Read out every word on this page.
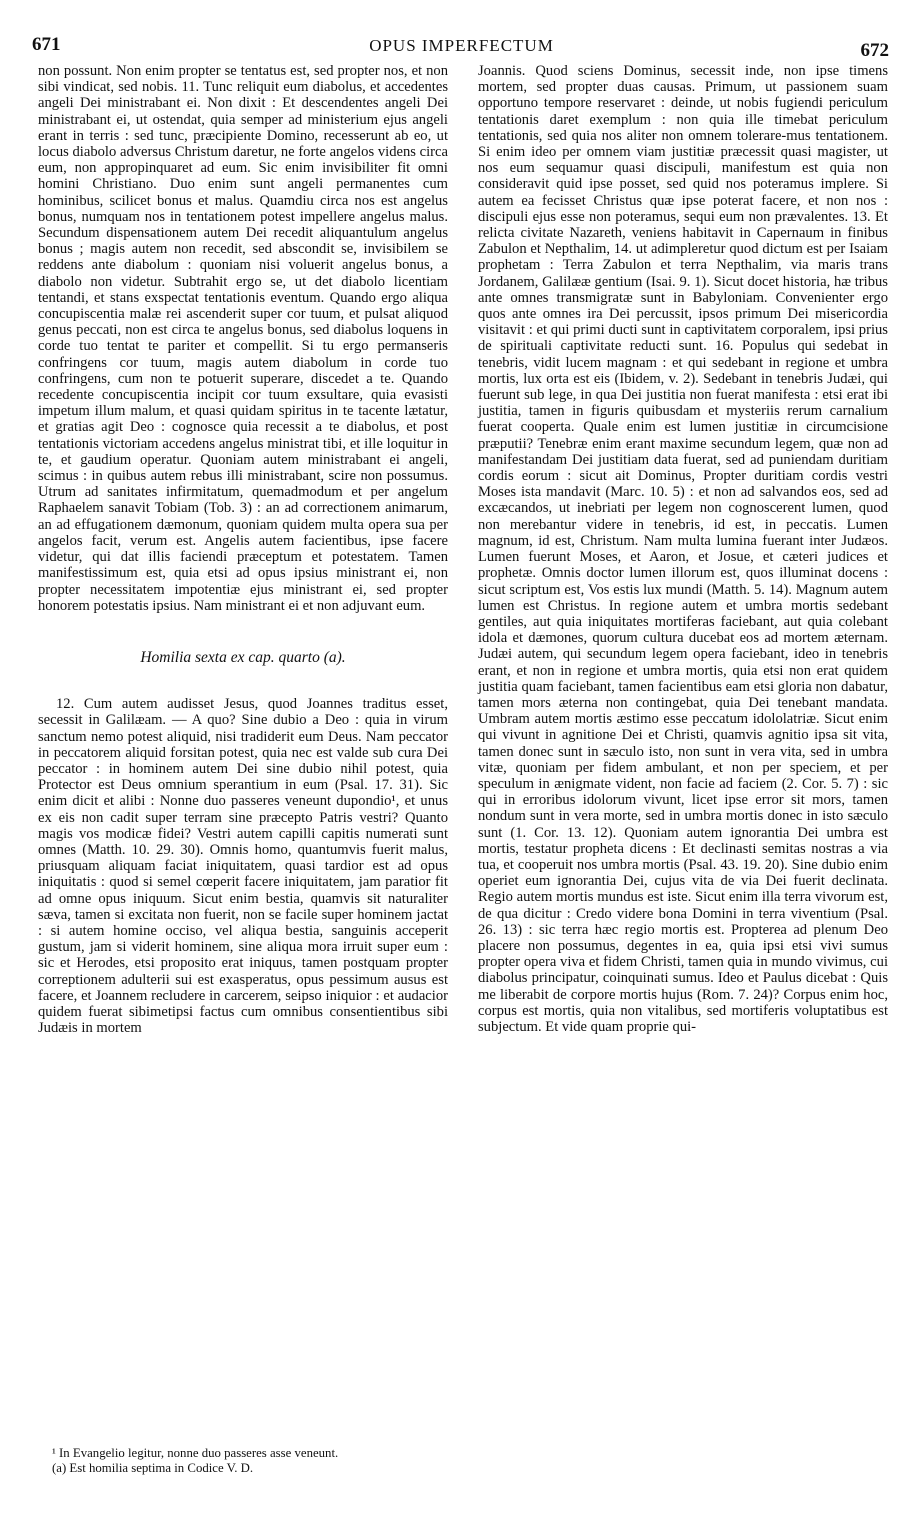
671	OPUS IMPERFECTUM	672

non possunt. Non enim propter se tentatus est, sed propter nos, et non sibi vindicat, sed nobis. 11. Tunc reliquit eum diabolus, et accedentes angeli Dei ministrabant ei. Non dixit : Et descendentes angeli Dei ministrabant ei, ut ostendat, quia semper ad ministerium ejus angeli erant in terris : sed tunc, præcipiente Domino, recesserunt ab eo, ut locus diabolo adversus Christum daretur, ne forte angelos videns circa eum, non appropinquaret ad eum. Sic enim invisibiliter fit omni homini Christiano. Duo enim sunt angeli permanentes cum hominibus, scilicet bonus et malus. Quamdiu circa nos est angelus bonus, numquam nos in tentationem potest impellere angelus malus. Secundum dispensationem autem Dei recedit aliquantulum angelus bonus ; magis autem non recedit, sed abscondit se, invisibilem se reddens ante diabolum : quoniam nisi voluerit angelus bonus, a diabolo non videtur. Subtrahit ergo se, ut det diabolo licentiam tentandi, et stans exspectat tentationis eventum. Quando ergo aliqua concupiscentia malæ rei ascenderit super cor tuum, et pulsat aliquod genus peccati, non est circa te angelus bonus, sed diabolus loquens in corde tuo tentat te pariter et compellit. Si tu ergo permanseris confringens cor tuum, magis autem diabolum in corde tuo confringens, cum non te potuerit superare, discedet a te. Quando recedente concupiscentia incipit cor tuum exsultare, quia evasisti impetum illum malum, et quasi quidam spiritus in te tacente lætatur, et gratias agit Deo : cognosce quia recessit a te diabolus, et post tentationis victoriam accedens angelus ministrat tibi, et ille loquitur in te, et gaudium operatur. Quoniam autem ministrabant ei angeli, scimus : in quibus autem rebus illi ministrabant, scire non possumus. Utrum ad sanitates infirmitatum, quemadmodum et per angelum Raphaelem sanavit Tobiam (Tob. 3) : an ad correctionem animarum, an ad effugationem dæmonum, quoniam quidem multa opera sua per angelos facit, verum est. Angelis autem facientibus, ipse facere videtur, qui dat illis faciendi præceptum et potestatem. Tamen manifestissimum est, quia etsi ad opus ipsius ministrant ei, non propter necessitatem impotentiæ ejus ministrant ei, sed propter honorem potestatis ipsius. Nam ministrant ei et non adjuvant eum.

Homilia sexta ex cap. quarto (a).

12. Cum autem audisset Jesus, quod Joannes traditus esset, secessit in Galilæam. — A quo? Sine dubio a Deo : quia in virum sanctum nemo potest aliquid, nisi tradiderit eum Deus. Nam peccator in peccatorem aliquid forsitan potest, quia nec est valde sub cura Dei peccator : in hominem autem Dei sine dubio nihil potest, quia Protector est Deus omnium sperantium in eum (Psal. 17. 31). Sic enim dicit et alibi : Nonne duo passeres veneunt dupondio¹, et unus ex eis non cadit super terram sine præcepto Patris vestri? Quanto magis vos modicæ fidei? Vestri autem capilli capitis numerati sunt omnes (Matth. 10. 29. 30). Omnis homo, quantumvis fuerit malus, priusquam aliquam faciat iniquitatem, quasi tardior est ad opus iniquitatis : quod si semel cœperit facere iniquitatem, jam paratior fit ad omne opus iniquum. Sicut enim bestia, quamvis sit naturaliter sæva, tamen si excitata non fuerit, non se facile super hominem jactat : si autem homine occiso, vel aliqua bestia, sanguinis acceperit gustum, jam si viderit hominem, sine aliqua mora irruit super eum : sic et Herodes, etsi proposito erat iniquus, tamen postquam propter correptionem adulterii sui est exasperatus, opus pessimum ausus est facere, et Joannem recludere in carcerem, seipso iniquior : et audacior quidem fuerat sibimetipsi factus cum omnibus consentientibus sibi Judæis in mortem

Joannis. Quod sciens Dominus, secessit inde, non ipse timens mortem, sed propter duas causas. Primum, ut passionem suam opportuno tempore reservaret : deinde, ut nobis fugiendi periculum tentationis daret exemplum : non quia ille timebat periculum tentationis, sed quia nos aliter non omnem tolerare-mus tentationem. Si enim ideo per omnem viam justitiæ præcessit quasi magister, ut nos eum sequamur quasi discipuli, manifestum est quia non consideravit quid ipse posset, sed quid nos poteramus implere. Si autem ea fecisset Christus quæ ipse poterat facere, et non nos : discipuli ejus esse non poteramus, sequi eum non prævalentes. 13. Et relicta civitate Nazareth, veniens habitavit in Capernaum in finibus Zabulon et Nepthalim, 14. ut adimpleretur quod dictum est per Isaiam prophetam : Terra Zabulon et terra Nepthalim, via maris trans Jordanem, Galilææ gentium (Isai. 9. 1). Sicut docet historia, hæ tribus ante omnes transmigratæ sunt in Babyloniam. Convenienter ergo quos ante omnes ira Dei percussit, ipsos primum Dei misericordia visitavit : et qui primi ducti sunt in captivitatem corporalem, ipsi prius de spirituali captivitate reducti sunt. 16. Populus qui sedebat in tenebris, vidit lucem magnam : et qui sedebant in regione et umbra mortis, lux orta est eis (Ibidem, v. 2). Sedebant in tenebris Judæi, qui fuerunt sub lege, in qua Dei justitia non fuerat manifesta : etsi erat ibi justitia, tamen in figuris quibusdam et mysteriis rerum carnalium fuerat cooperta. Quale enim est lumen justitiæ in circumcisione præputii? Tenebræ enim erant maxime secundum legem, quæ non ad manifestandam Dei justitiam data fuerat, sed ad puniendam duritiam cordis eorum : sicut ait Dominus, Propter duritiam cordis vestri Moses ista mandavit (Marc. 10. 5) : et non ad salvandos eos, sed ad excæcandos, ut inebriati per legem non cognoscerent lumen, quod non merebantur videre in tenebris, id est, in peccatis. Lumen magnum, id est, Christum. Nam multa lumina fuerant inter Judæos. Lumen fuerunt Moses, et Aaron, et Josue, et cæteri judices et prophetæ. Omnis doctor lumen illorum est, quos illuminat docens : sicut scriptum est, Vos estis lux mundi (Matth. 5. 14). Magnum autem lumen est Christus. In regione autem et umbra mortis sedebant gentiles, aut quia iniquitates mortiferas faciebant, aut quia colebant idola et dæmones, quorum cultura ducebat eos ad mortem æternam. Judæi autem, qui secundum legem opera faciebant, ideo in tenebris erant, et non in regione et umbra mortis, quia etsi non erat quidem justitia quam faciebant, tamen facientibus eam etsi gloria non dabatur, tamen mors æterna non contingebat, quia Dei tenebant mandata. Umbram autem mortis æstimo esse peccatum idololatriæ. Sicut enim qui vivunt in agnitione Dei et Christi, quamvis agnitio ipsa sit vita, tamen donec sunt in sæculo isto, non sunt in vera vita, sed in umbra vitæ, quoniam per fidem ambulant, et non per speciem, et per speculum in ænigmate vident, non facie ad faciem (2. Cor. 5. 7) : sic qui in erroribus idolorum vivunt, licet ipse error sit mors, tamen nondum sunt in vera morte, sed in umbra mortis donec in isto sæculo sunt (1. Cor. 13. 12). Quoniam autem ignorantia Dei umbra est mortis, testatur propheta dicens : Et declinasti semitas nostras a via tua, et cooperuit nos umbra mortis (Psal. 43. 19. 20). Sine dubio enim operiet eum ignorantia Dei, cujus vita de via Dei fuerit declinata. Regio autem mortis mundus est iste. Sicut enim illa terra vivorum est, de qua dicitur : Credo videre bona Domini in terra viventium (Psal. 26. 13) : sic terra hæc regio mortis est. Propterea ad plenum Deo placere non possumus, degentes in ea, quia ipsi etsi vivi sumus propter opera viva et fidem Christi, tamen quia in mundo vivimus, cui diabolus principatur, coinquinati sumus. Ideo et Paulus dicebat : Quis me liberabit de corpore mortis hujus (Rom. 7. 24)? Corpus enim hoc, corpus est mortis, quia non vitalibus, sed mortiferis voluptatibus est subjectum. Et vide quam proprie qui-

¹ In Evangelio legitur, nonne duo passeres asse veneunt.

(a) Est homilia septima in Codice V. D.
